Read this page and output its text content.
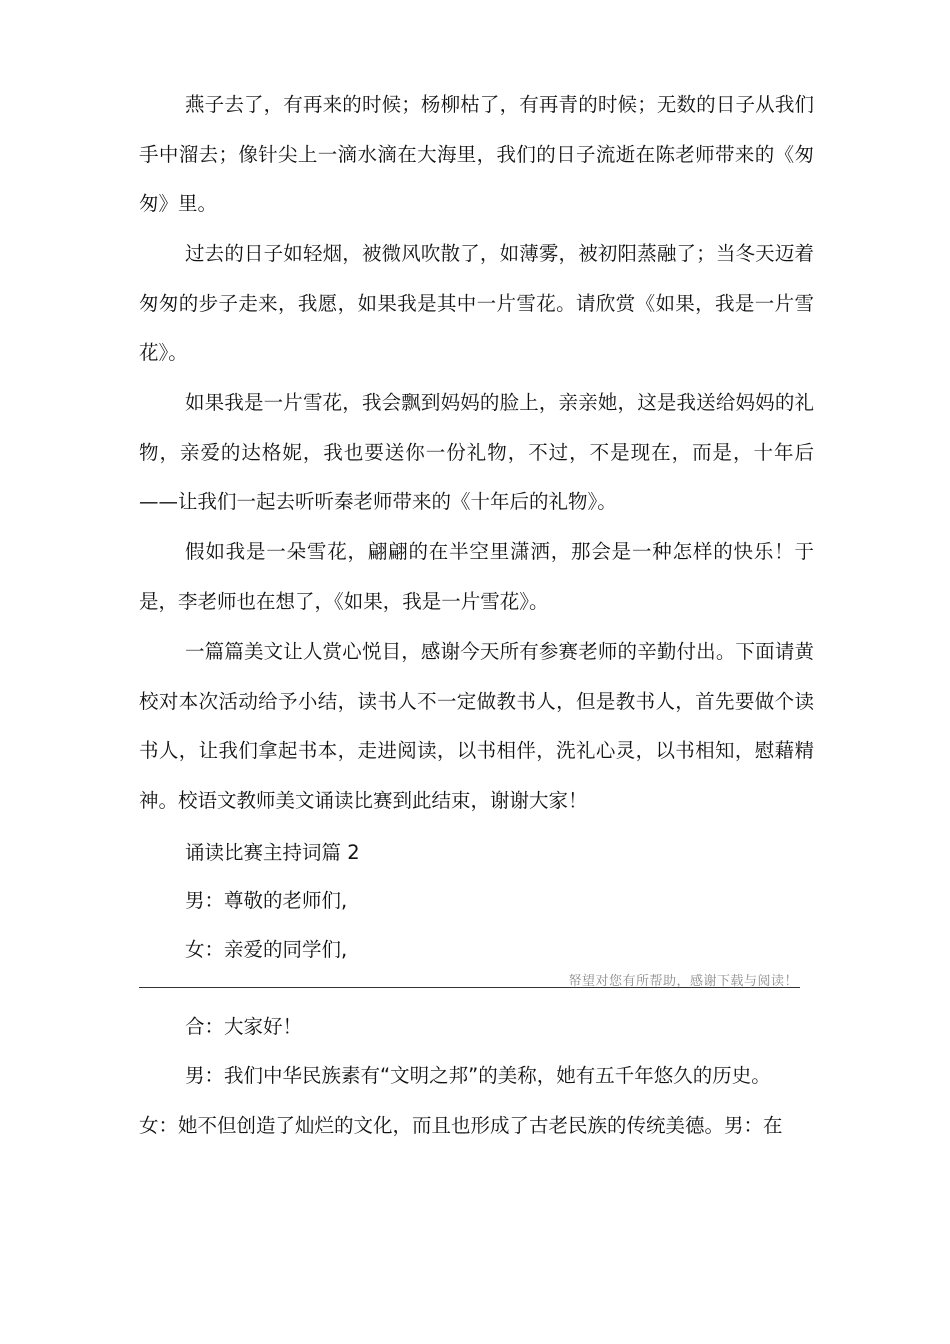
燕子去了，有再来的时候；杨柳枯了，有再青的时候；无数的日子从我们手中溜去；像针尖上一滴水滴在大海里，我们的日子流逝在陈老师带来的《匆匆》里。

过去的日子如轻烟，被微风吹散了，如薄雾，被初阳蒸融了；当冬天迈着匆匆的步子走来，我愿，如果我是其中一片雪花。请欣赏《如果，我是一片雪花》。

如果我是一片雪花，我会飘到妈妈的脸上，亲亲她，这是我送给妈妈的礼物，亲爱的达格妮，我也要送你一份礼物，不过，不是现在，而是，十年后——让我们一起去听听秦老师带来的《十年后的礼物》。

假如我是一朵雪花，翩翩的在半空里潇洒，那会是一种怎样的快乐！于是，李老师也在想了，《如果，我是一片雪花》。

一篇篇美文让人赏心悦目，感谢今天所有参赛老师的辛勤付出。下面请黄校对本次活动给予小结，读书人不一定做教书人，但是教书人，首先要做个读书人，让我们拿起书本，走进阅读，以书相伴，洗礼心灵，以书相知，慰藉精神。校语文教师美文诵读比赛到此结束，谢谢大家！

诵读比赛主持词篇 2

男：尊敬的老师们,

女：亲爱的同学们,

帑望对您有所帮助，感谢下载与阅读！

合：大家好！

男：我们中华民族素有“文明之邦”的美称，她有五千年悠久的历史。

女：她不但创造了灿烂的文化，而且也形成了古老民族的传统美德。男：在
